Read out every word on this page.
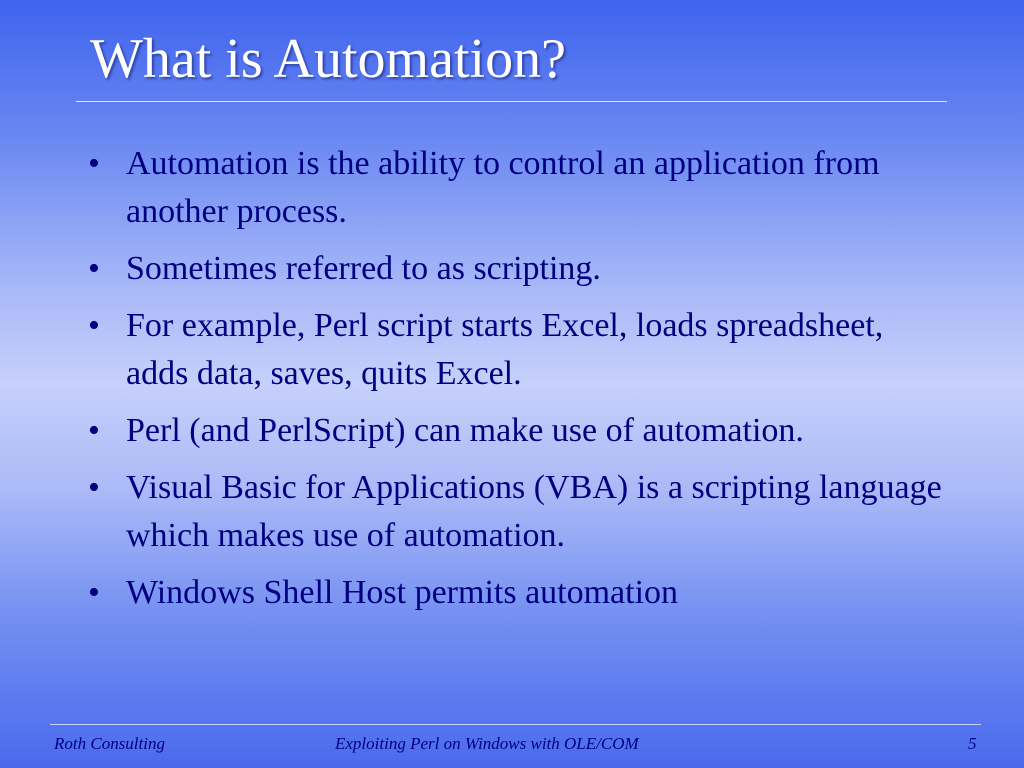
What is Automation?
• Automation is the ability to control an application from another process.
• Sometimes referred to as scripting.
• For example, Perl script starts Excel, loads spreadsheet, adds data, saves, quits Excel.
• Perl (and PerlScript) can make use of automation.
• Visual Basic for Applications (VBA) is a scripting language which makes use of automation.
• Windows Shell Host permits automation
Roth Consulting	Exploiting Perl on Windows with OLE/COM	5
